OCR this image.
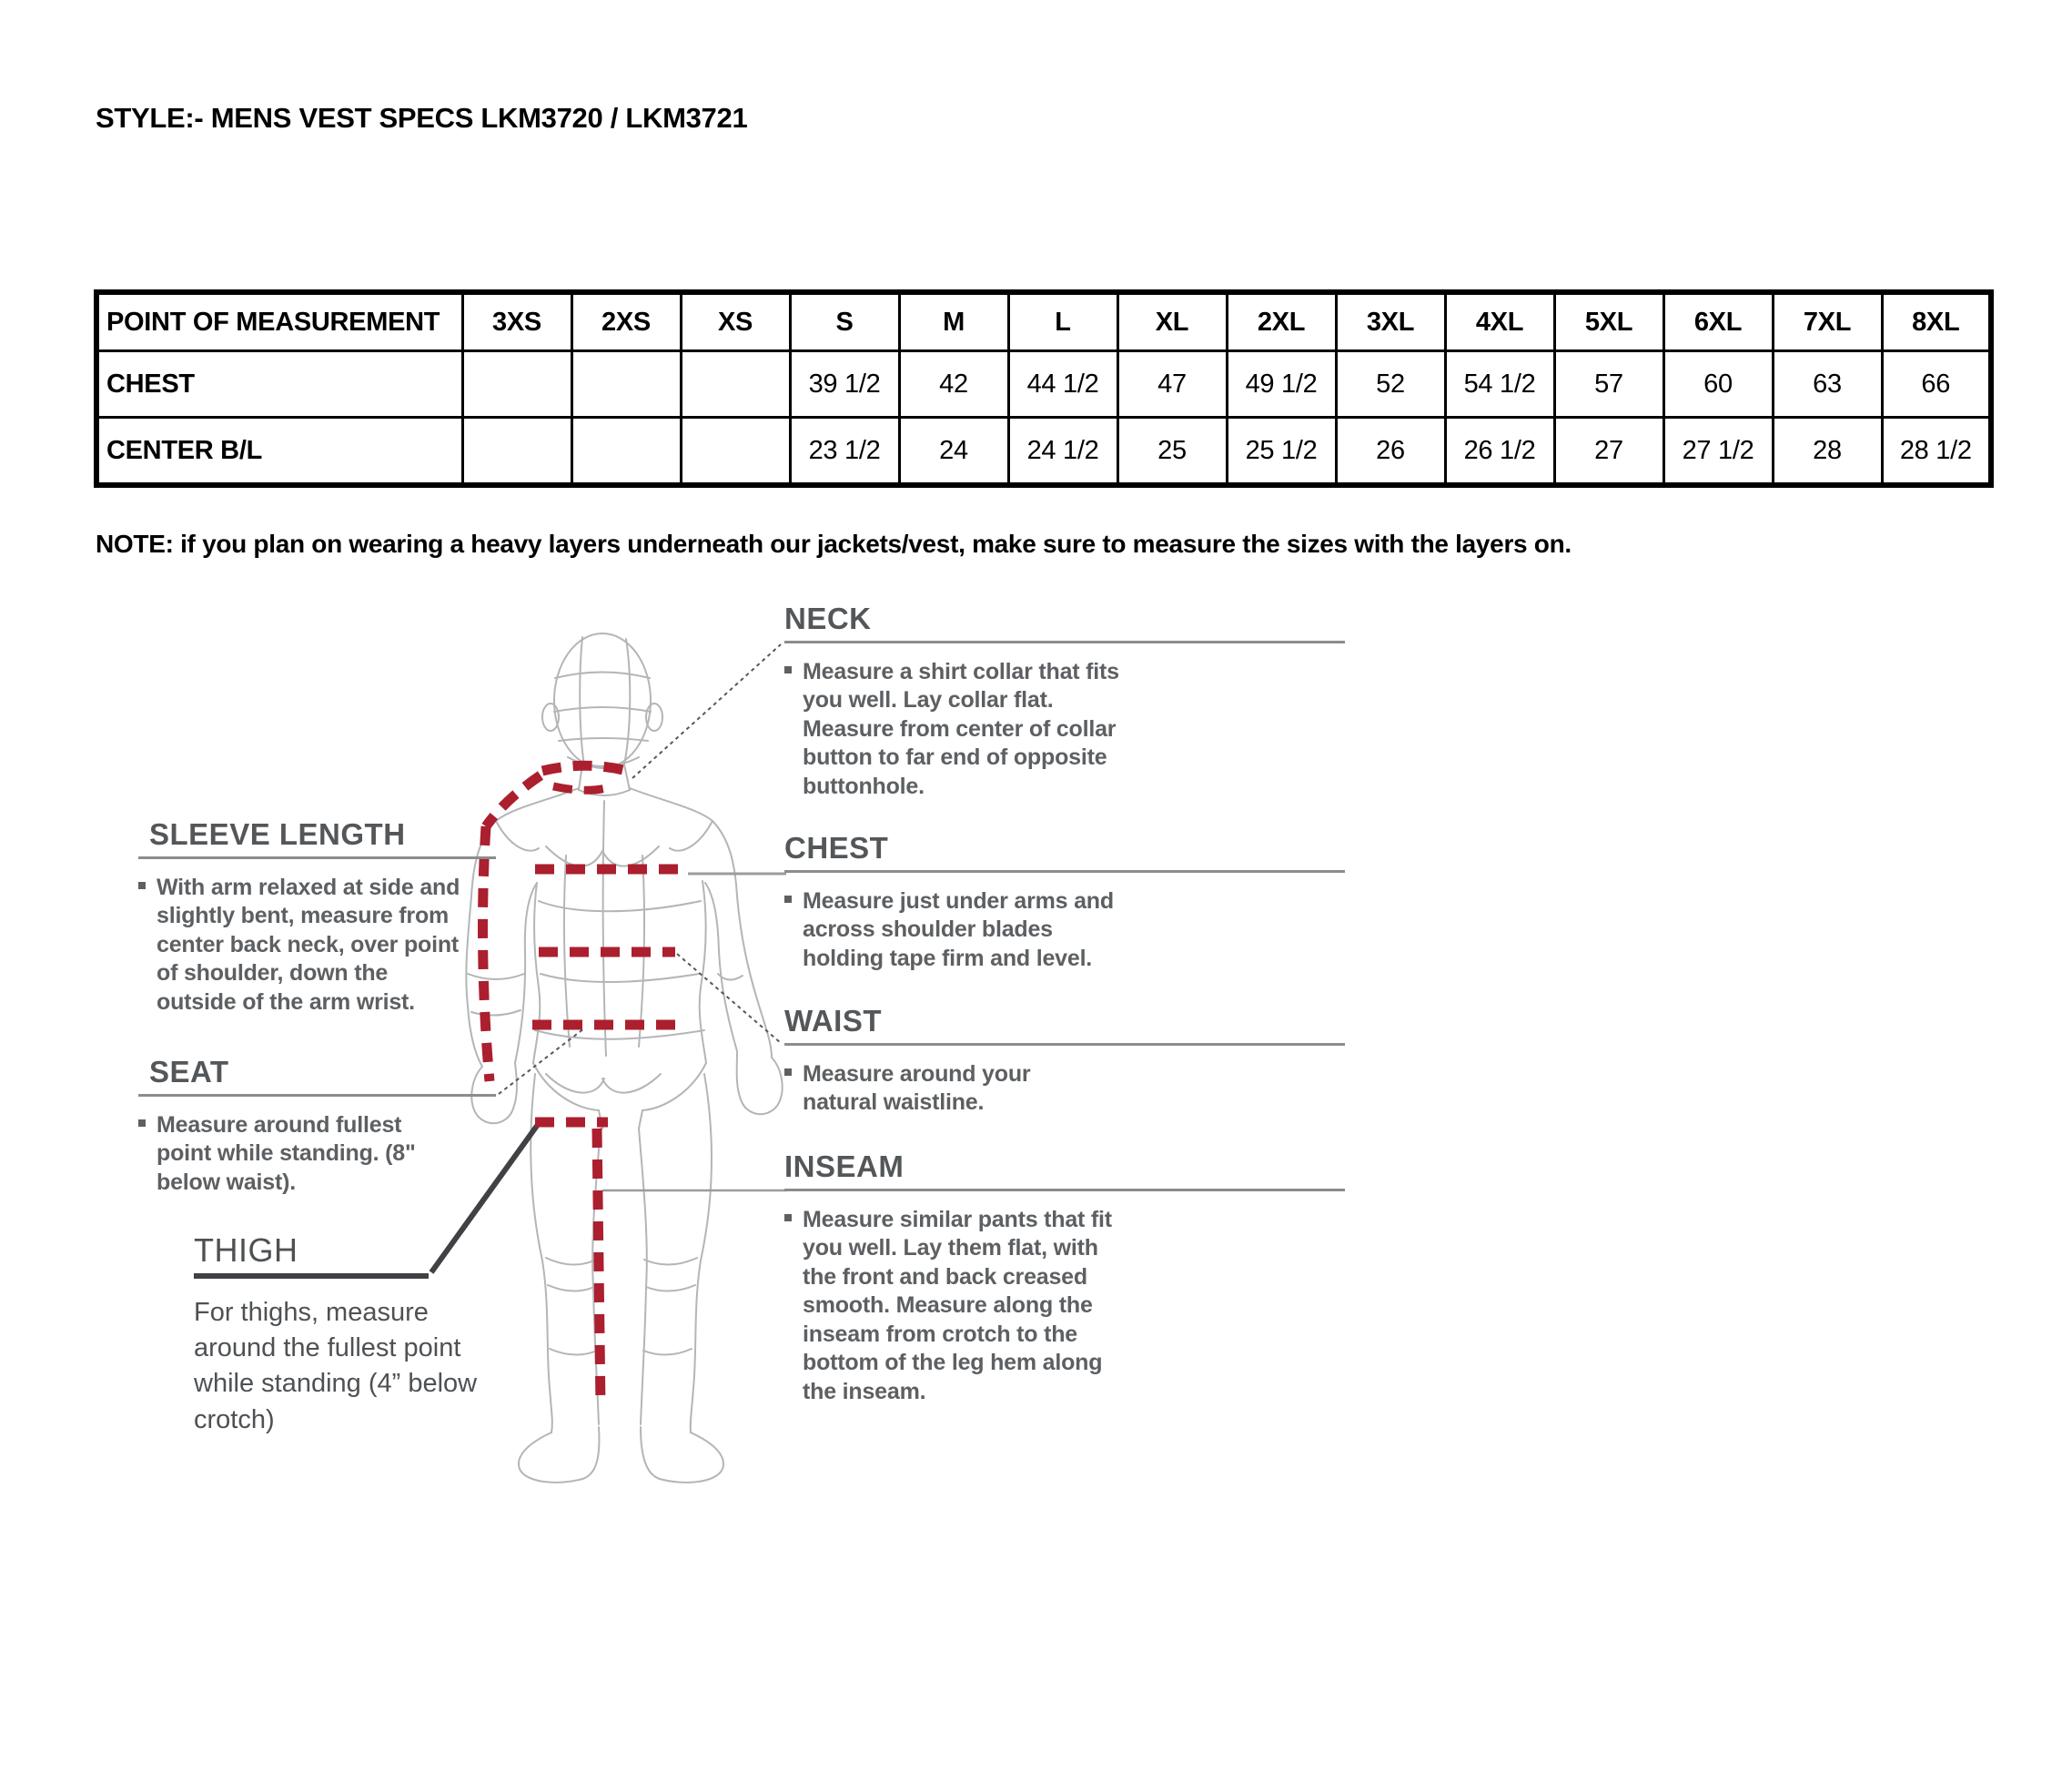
STYLE:- MENS VEST SPECS LKM3720 / LKM3721
POINT OF MEASUREMENT	3XS	2XS	XS	S	M	L	XL	2XL	3XL	4XL	5XL	6XL	7XL	8XL
CHEST				39 1/2	42	44 1/2	47	49 1/2	52	54 1/2	57	60	63	66
CENTER B/L				23 1/2	24	24 1/2	25	25 1/2	26	26 1/2	27	27 1/2	28	28 1/2
NOTE: if you plan on wearing a heavy layers underneath our jackets/vest, make sure to measure the sizes with the layers on.
NECK
Measure a shirt collar that fits you well. Lay collar flat. Measure from center of collar button to far end of opposite buttonhole.
SLEEVE LENGTH
With arm relaxed at side and slightly bent, measure from center back neck, over point of shoulder, down the outside of the arm wrist.
CHEST
Measure just under arms and across shoulder blades holding tape firm and level.
WAIST
Measure around your natural waistline.
SEAT
Measure around fullest point while standing. (8" below waist).	INSEAM
Measure similar pants that fit you well. Lay them flat, with the front and back creased smooth. Measure along the inseam from crotch to the bottom of the leg hem along the inseam.
THIGH
For thighs, measure around the fullest point while standing (4” below crotch)
